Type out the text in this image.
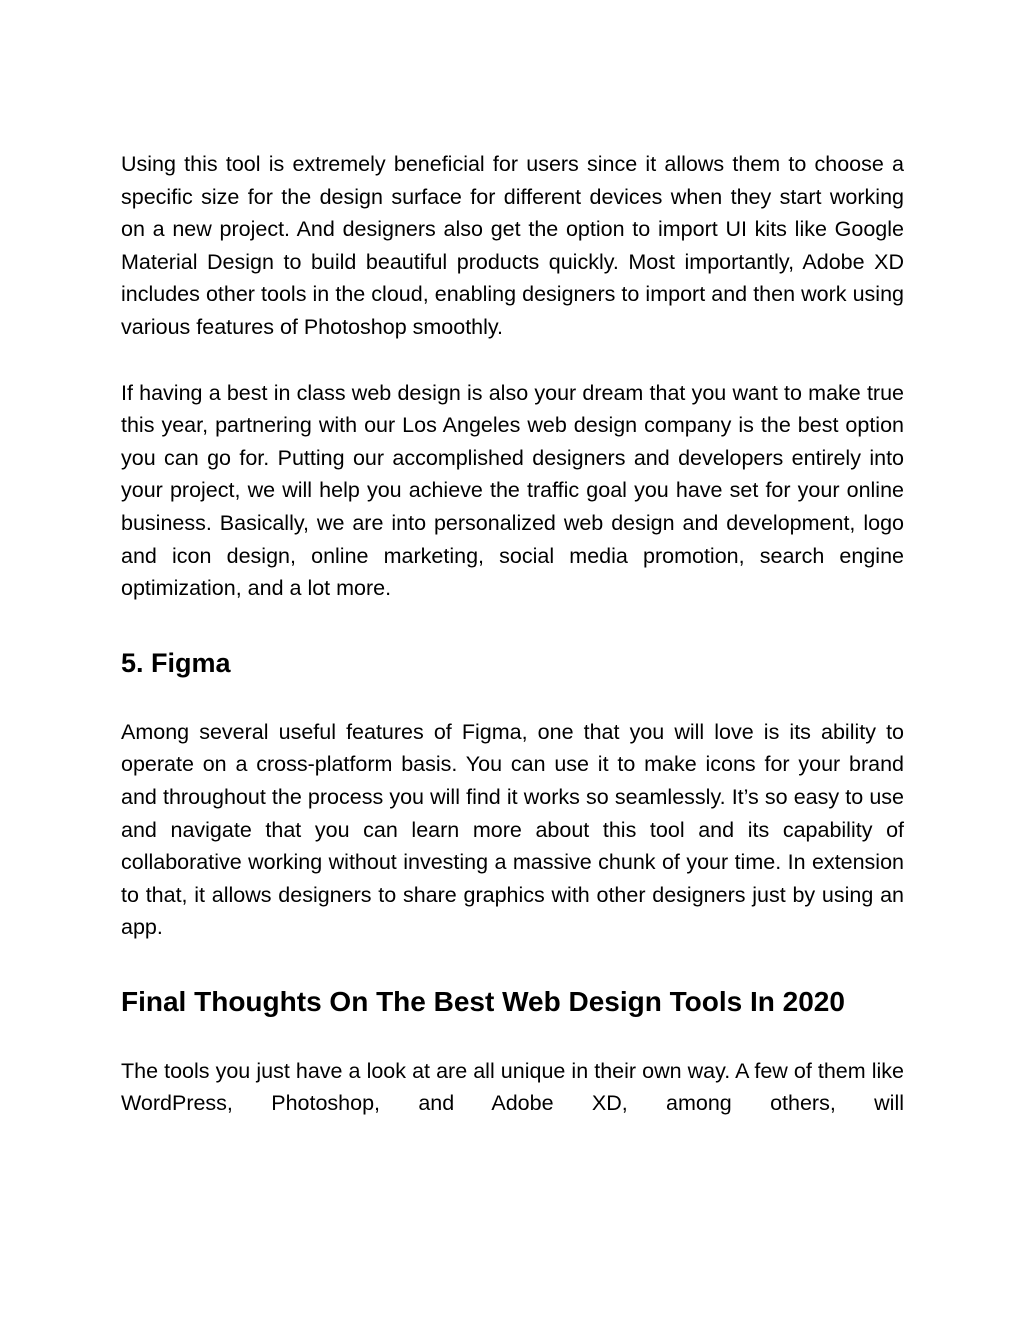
Using this tool is extremely beneficial for users since it allows them to choose a specific size for the design surface for different devices when they start working on a new project. And designers also get the option to import UI kits like Google Material Design to build beautiful products quickly. Most importantly, Adobe XD includes other tools in the cloud, enabling designers to import and then work using various features of Photoshop smoothly.

If having a best in class web design is also your dream that you want to make true this year, partnering with our Los Angeles web design company is the best option you can go for. Putting our accomplished designers and developers entirely into your project, we will help you achieve the traffic goal you have set for your online business. Basically, we are into personalized web design and development, logo and icon design, online marketing, social media promotion, search engine optimization, and a lot more.

5. Figma

Among several useful features of Figma, one that you will love is its ability to operate on a cross-platform basis. You can use it to make icons for your brand and throughout the process you will find it works so seamlessly. It’s so easy to use and navigate that you can learn more about this tool and its capability of collaborative working without investing a massive chunk of your time. In extension to that, it allows designers to share graphics with other designers just by using an app.

Final Thoughts On The Best Web Design Tools In 2020

The tools you just have a look at are all unique in their own way. A few of them like WordPress, Photoshop, and Adobe XD, among others, will
